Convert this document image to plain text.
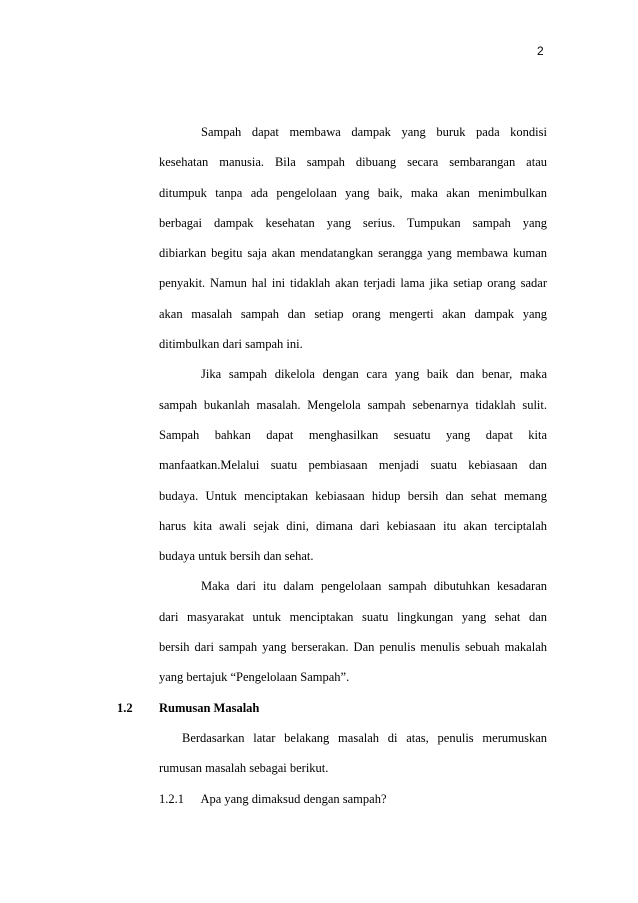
2

Sampah dapat membawa dampak yang buruk pada kondisi
kesehatan manusia. Bila sampah dibuang secara sembarangan atau
ditumpuk tanpa ada pengelolaan yang baik, maka akan menimbulkan
berbagai dampak kesehatan yang serius. Tumpukan sampah yang
dibiarkan begitu saja akan mendatangkan serangga yang membawa kuman
penyakit. Namun hal ini tidaklah akan terjadi lama jika setiap orang sadar
akan masalah sampah dan setiap orang mengerti akan dampak yang
ditimbulkan dari sampah ini.

Jika sampah dikelola dengan cara yang baik dan benar, maka
sampah bukanlah masalah. Mengelola sampah sebenarnya tidaklah sulit.
Sampah bahkan dapat menghasilkan sesuatu yang dapat kita
manfaatkan.Melalui suatu pembiasaan menjadi suatu kebiasaan dan
budaya. Untuk menciptakan kebiasaan hidup bersih dan sehat memang
harus kita awali sejak dini, dimana dari kebiasaan itu akan terciptalah
budaya untuk bersih dan sehat.

Maka dari itu dalam pengelolaan sampah dibutuhkan kesadaran
dari masyarakat untuk menciptakan suatu lingkungan yang sehat dan
bersih dari sampah yang berserakan. Dan penulis menulis sebuah makalah
yang bertajuk “Pengelolaan Sampah”.

1.2 Rumusan Masalah

Berdasarkan latar belakang masalah di atas, penulis merumuskan
rumusan masalah sebagai berikut.

1.2.1 Apa yang dimaksud dengan sampah?
